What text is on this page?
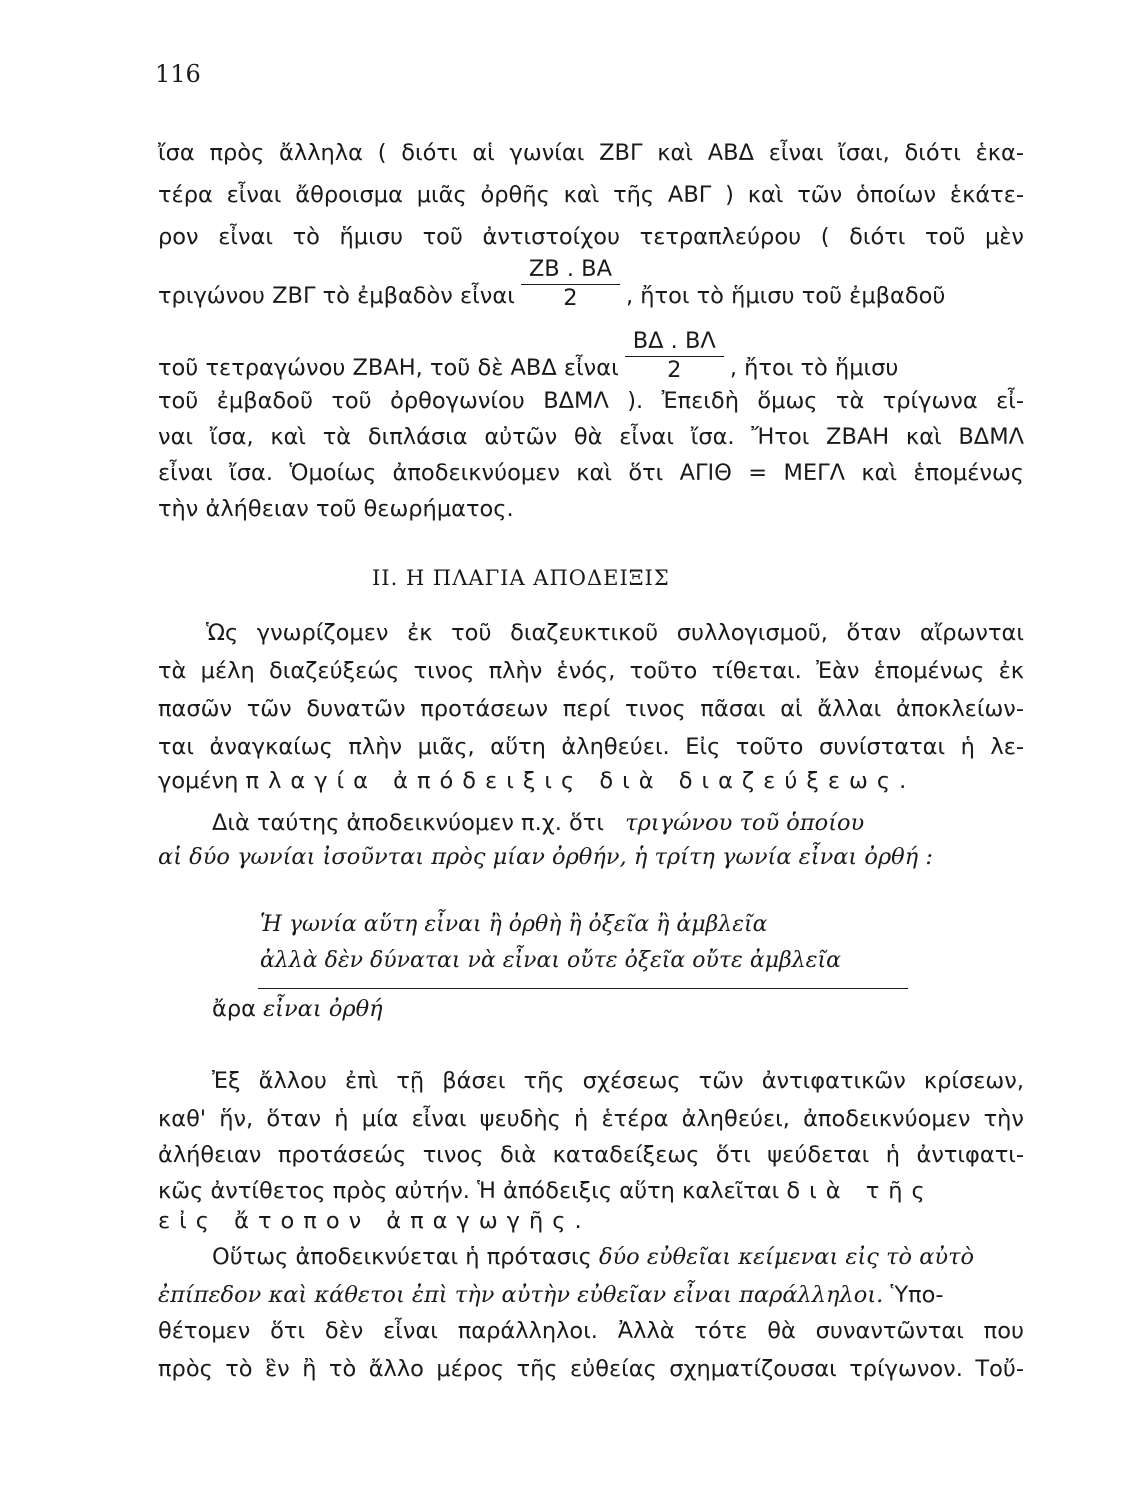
116
ἴσα πρὸς ἄλληλα ( διότι αἱ γωνίαι ΖΒΓ καὶ ΑΒΔ εἶναι ἴσαι, διότι ἑκα-
τέρα εἶναι ἄθροισμα μιᾶς ὀρθῆς καὶ τῆς ΑΒΓ ) καὶ τῶν ὁποίων ἑκάτε-
ρον εἶναι τὸ ἥμισυ τοῦ ἀντιστοίχου τετραπλεύρου ( διότι τοῦ μὲν
τριγώνου ΖΒΓ τὸ ἐμβαδὸν εἶναι $\frac{ZB . BA}{2}$ , ἤτοι τὸ ἥμισυ τοῦ ἐμβαδοῦ
τοῦ τετραγώνου ΖΒΑΗ, τοῦ δὲ ΑΒΔ εἶναι $\frac{B\Delta . B\Lambda}{2}$ , ἤτοι τὸ ἥμισυ
τοῦ ἐμβαδοῦ τοῦ ὀρθογωνίου ΒΔΜΛ ). Ἐπειδὴ ὅμως τὰ τρίγωνα εἶ-
ναι ἴσα, καὶ τὰ διπλάσια αὐτῶν θὰ εἶναι ἴσα. Ἤτοι ΖΒΑΗ καὶ ΒΔΜΛ
εἶναι ἴσα. Ὁμοίως ἀποδεικνύομεν καὶ ὅτι ΑΓΙΘ = ΜΕΓΛ καὶ ἑπομένως
τὴν ἀλήθειαν τοῦ θεωρήματος.
II. Η ΠΛΑΓΙΑ ΑΠΟΔΕΙΞΙΣ
Ὡς γνωρίζομεν ἐκ τοῦ διαζευκτικοῦ συλλογισμοῦ, ὅταν αἴρωνται
τὰ μέλη διαζεύξεώς τινος πλὴν ἑνός, τοῦτο τίθεται. Ἐὰν ἑπομένως ἐκ
πασῶν τῶν δυνατῶν προτάσεων περί τινος πᾶσαι αἱ ἄλλαι ἀποκλείων-
ται ἀναγκαίως πλὴν μιᾶς, αὕτη ἀληθεύει. Εἰς τοῦτο συνίσταται ἡ λε-
γομένη πλαγία ἀπόδειξις διὰ διαζεύξεως.
Διὰ ταύτης ἀποδεικνύομεν π.χ. ὅτι τριγώνου τοῦ ὁποίου
αἱ δύο γωνίαι ἰσοῦνται πρὸς μίαν ὀρθήν, ἡ τρίτη γωνία εἶναι ὀρθή :
Ἡ γωνία αὕτη εἶναι ἢ ὀρθὴ ἢ ὀξεῖα ἢ ἀμβλεῖα
ἀλλὰ δὲν δύναται νὰ εἶναι οὔτε ὀξεῖα οὔτε ἀμβλεῖα
ἄρα εἶναι ὀρθή
Ἐξ ἄλλου ἐπὶ τῇ βάσει τῆς σχέσεως τῶν ἀντιφατικῶν κρίσεων,
καθ' ἥν, ὅταν ἡ μία εἶναι ψευδὴς ἡ ἑτέρα ἀληθεύει, ἀποδεικνύομεν τὴν
ἀλήθειαν προτάσεώς τινος διὰ καταδείξεως ὅτι ψεύδεται ἡ ἀντιφατι-
κῶς ἀντίθετος πρὸς αὐτήν. Ἡ ἀπόδειξις αὕτη καλεῖται διὰ τῆς
εἰς ἄτοπον ἀπαγωγῆς.
Οὕτως ἀποδεικνύεται ἡ πρότασις δύο εὐθεῖαι κείμεναι εἰς τὸ αὐτὸ
ἐπίπεδον καὶ κάθετοι ἐπὶ τὴν αὐτὴν εὐθεῖαν εἶναι παράλληλοι. Ὑπο-
θέτομεν ὅτι δὲν εἶναι παράλληλοι. Ἀλλὰ τότε θὰ συναντῶνται που
πρὸς τὸ ἓν ἢ τὸ ἄλλο μέρος τῆς εὐθείας σχηματίζουσαι τρίγωνον. Τοὔ-
